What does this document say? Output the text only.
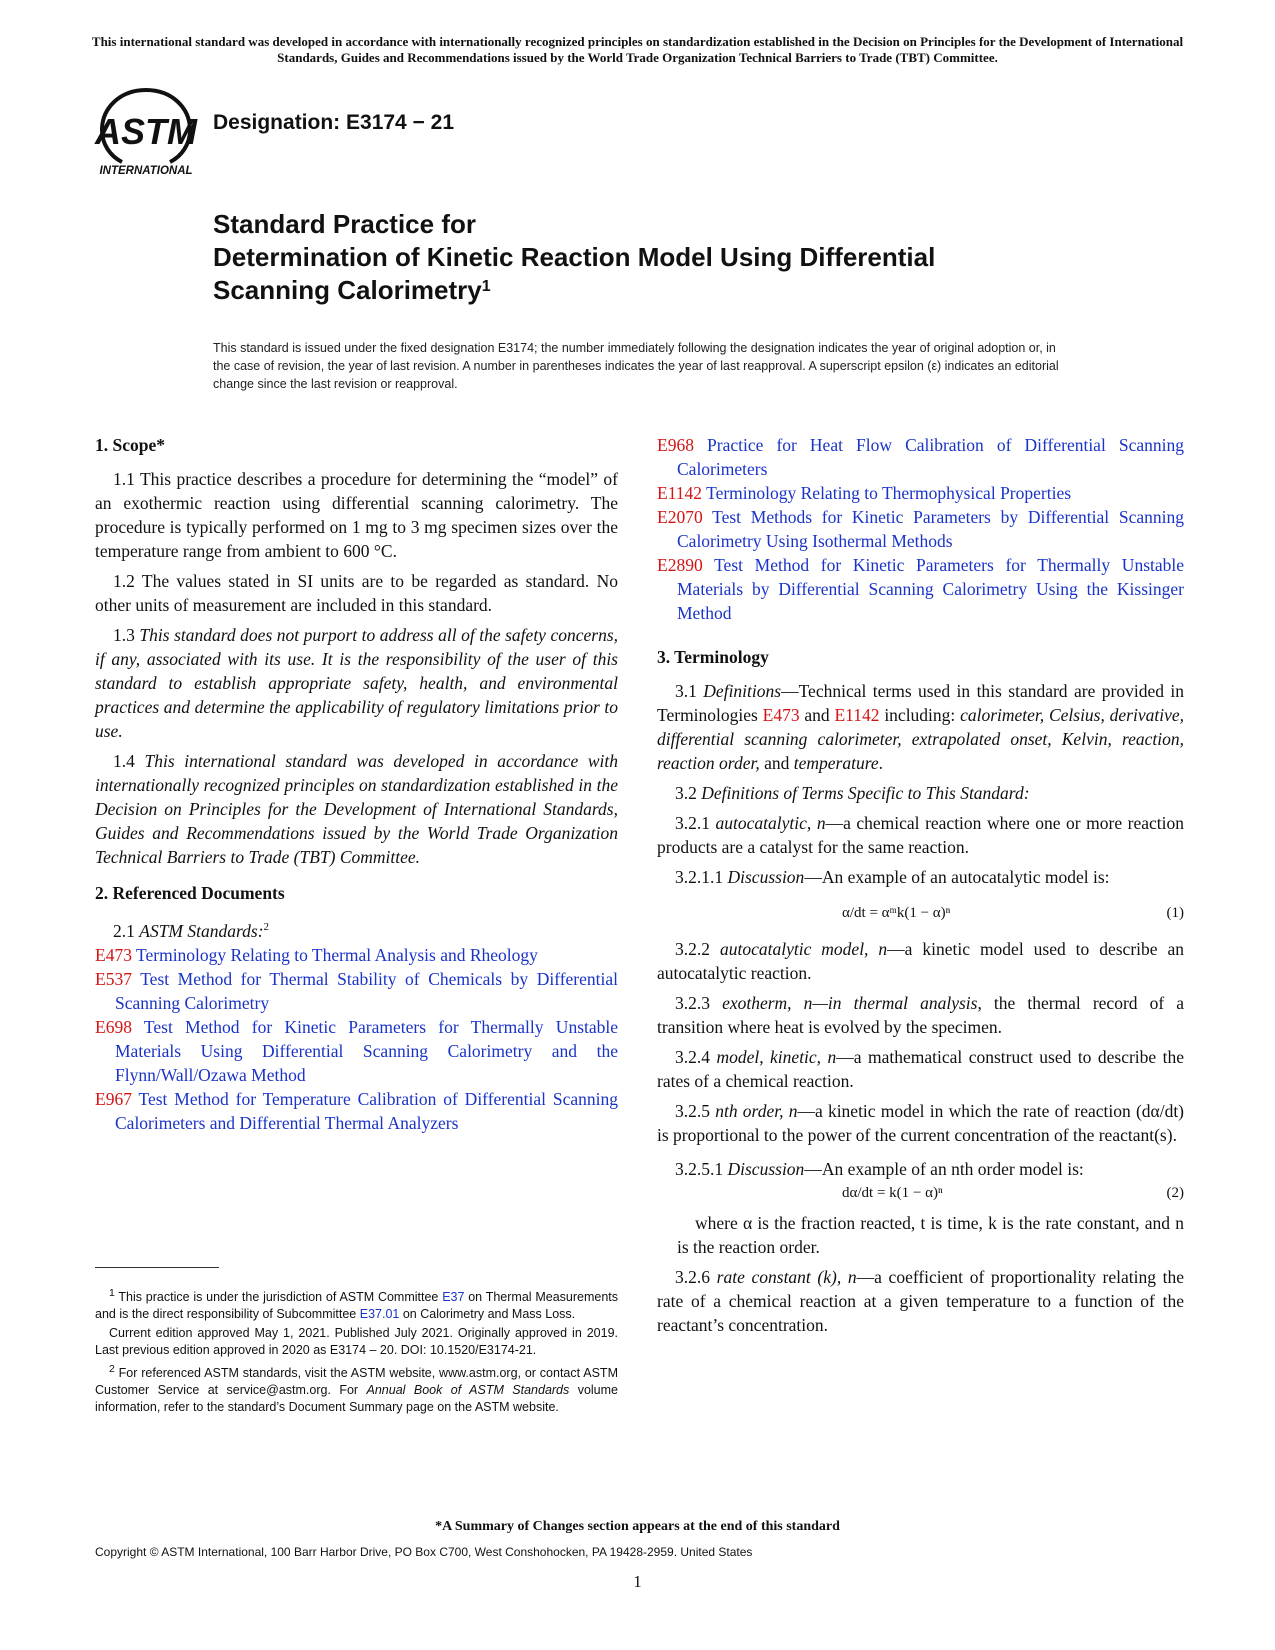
This international standard was developed in accordance with internationally recognized principles on standardization established in the Decision on Principles for the Development of International Standards, Guides and Recommendations issued by the World Trade Organization Technical Barriers to Trade (TBT) Committee.
ASTM
INTERNATIONAL
Designation: E3174 − 21
Standard Practice for
Determination of Kinetic Reaction Model Using Differential
Scanning Calorimetry$^1$
This standard is issued under the fixed designation E3174; the number immediately following the designation indicates the year of original adoption or, in the case of revision, the year of last revision. A number in parentheses indicates the year of last reapproval. A superscript epsilon (ε) indicates an editorial change since the last revision or reapproval.
1. Scope*

1.1 This practice describes a procedure for determining the “model” of an exothermic reaction using differential scanning calorimetry. The procedure is typically performed on 1 mg to 3 mg specimen sizes over the temperature range from ambient to 600 °C.

1.2 The values stated in SI units are to be regarded as standard. No other units of measurement are included in this standard.

1.3 This standard does not purport to address all of the safety concerns, if any, associated with its use. It is the responsibility of the user of this standard to establish appropriate safety, health, and environmental practices and determine the applicability of regulatory limitations prior to use.

1.4 This international standard was developed in accordance with internationally recognized principles on standardization established in the Decision on Principles for the Development of International Standards, Guides and Recommendations issued by the World Trade Organization Technical Barriers to Trade (TBT) Committee.

2. Referenced Documents

2.1 ASTM Standards:$^2$

E473 Terminology Relating to Thermal Analysis and Rheology

E537 Test Method for Thermal Stability of Chemicals by Differential Scanning Calorimetry

E698 Test Method for Kinetic Parameters for Thermally Unstable Materials Using Differential Scanning Calorimetry and the Flynn/Wall/Ozawa Method

E967 Test Method for Temperature Calibration of Differential Scanning Calorimeters and Differential Thermal Analyzers

$^1$ This practice is under the jurisdiction of ASTM Committee E37 on Thermal Measurements and is the direct responsibility of Subcommittee E37.01 on Calorimetry and Mass Loss.

Current edition approved May 1, 2021. Published July 2021. Originally approved in 2019. Last previous edition approved in 2020 as E3174 – 20. DOI: 10.1520/E3174-21.

$^2$ For referenced ASTM standards, visit the ASTM website, www.astm.org, or contact ASTM Customer Service at service@astm.org. For Annual Book of ASTM Standards volume information, refer to the standard’s Document Summary page on the ASTM website.

E968 Practice for Heat Flow Calibration of Differential Scanning Calorimeters

E1142 Terminology Relating to Thermophysical Properties

E2070 Test Methods for Kinetic Parameters by Differential Scanning Calorimetry Using Isothermal Methods

E2890 Test Method for Kinetic Parameters for Thermally Unstable Materials by Differential Scanning Calorimetry Using the Kissinger Method

3. Terminology

3.1 Definitions—Technical terms used in this standard are provided in Terminologies E473 and E1142 including: calorimeter, Celsius, derivative, differential scanning calorimeter, extrapolated onset, Kelvin, reaction, reaction order, and temperature.

3.2 Definitions of Terms Specific to This Standard:

3.2.1 autocatalytic, n—a chemical reaction where one or more reaction products are a catalyst for the same reaction.

3.2.1.1 Discussion—An example of an autocatalytic model is:

α/dt = αᵐk(1 − α)ⁿ	(1)

3.2.2 autocatalytic model, n—a kinetic model used to describe an autocatalytic reaction.

3.2.3 exotherm, n—in thermal analysis, the thermal record of a transition where heat is evolved by the specimen.

3.2.4 model, kinetic, n—a mathematical construct used to describe the rates of a chemical reaction.

3.2.5 nth order, n—a kinetic model in which the rate of reaction (dα/dt) is proportional to the power of the current concentration of the reactant(s).

3.2.5.1 Discussion—An example of an nth order model is:

dα/dt = k(1 − α)ⁿ	(2)

where α is the fraction reacted, t is time, k is the rate constant, and n is the reaction order.

3.2.6 rate constant (k), n—a coefficient of proportionality relating the rate of a chemical reaction at a given temperature to a function of the reactant’s concentration.

*A Summary of Changes section appears at the end of this standard
Copyright © ASTM International, 100 Barr Harbor Drive, PO Box C700, West Conshohocken, PA 19428-2959. United States
1
